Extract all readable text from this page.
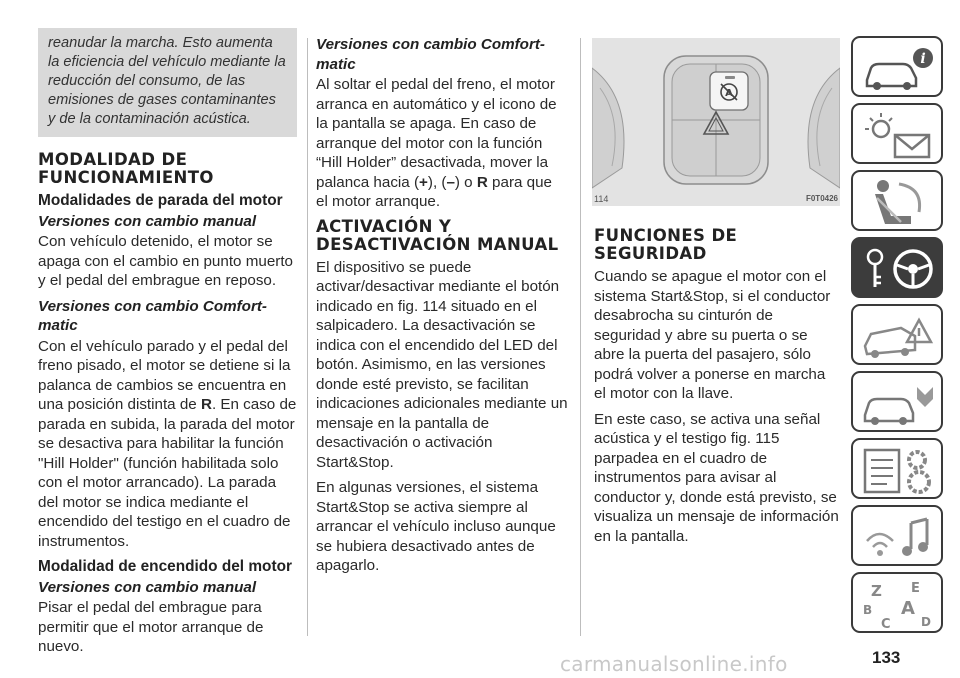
reanudar la marcha. Esto aumenta la eficiencia del vehículo mediante la reducción del consumo, de las emisiones de gases contaminantes y de la contaminación acústica.
MODALIDAD DE FUNCIONAMIENTO
Modalidades de parada del motor
Versiones con cambio manual

Con vehículo detenido, el motor se apaga con el cambio en punto muerto y el pedal del embrague en reposo.

Versiones con cambio Comfort-matic

Con el vehículo parado y el pedal del freno pisado, el motor se detiene si la palanca de cambios se encuentra en una posición distinta de R. En caso de parada en subida, la parada del motor se desactiva para habilitar la función "Hill Holder" (función habilitada solo con el motor arrancado). La parada del motor se indica mediante el encendido del testigo en el cuadro de instrumentos.

Modalidad de encendido del motor
Versiones con cambio manual

Pisar el pedal del embrague para permitir que el motor arranque de nuevo.

Versiones con cambio Comfort-matic

Al soltar el pedal del freno, el motor arranca en automático y el icono de la pantalla se apaga. En caso de arranque del motor con la función “Hill Holder” desactivada, mover la palanca hacia (+), (–) o R para que el motor arranque.

ACTIVACIÓN Y DESACTIVACIÓN MANUAL

El dispositivo se puede activar/desactivar mediante el botón indicado en fig. 114 situado en el salpicadero. La desactivación se indica con el encendido del LED del botón. Asimismo, en las versiones donde esté previsto, se facilitan indicaciones adicionales mediante un mensaje en la pantalla de desactivación o activación Start&Stop.

En algunas versiones, el sistema Start&Stop se activa siempre al arrancar el vehículo incluso aunque se hubiera desactivado antes de apagarlo.

A
114	F0T0426
FUNCIONES DE SEGURIDAD

Cuando se apague el motor con el sistema Start&Stop, si el conductor desabrocha su cinturón de seguridad y abre su puerta o se abre la puerta del pasajero, sólo podrá volver a ponerse en marcha el motor con la llave.

En este caso, se activa una señal acústica y el testigo fig. 115 parpadea en el cuadro de instrumentos para avisar al conductor y, donde está previsto, se visualiza un mensaje de información en la pantalla.

i
Z E
B A
C	D
133
carmanualsonline.info
